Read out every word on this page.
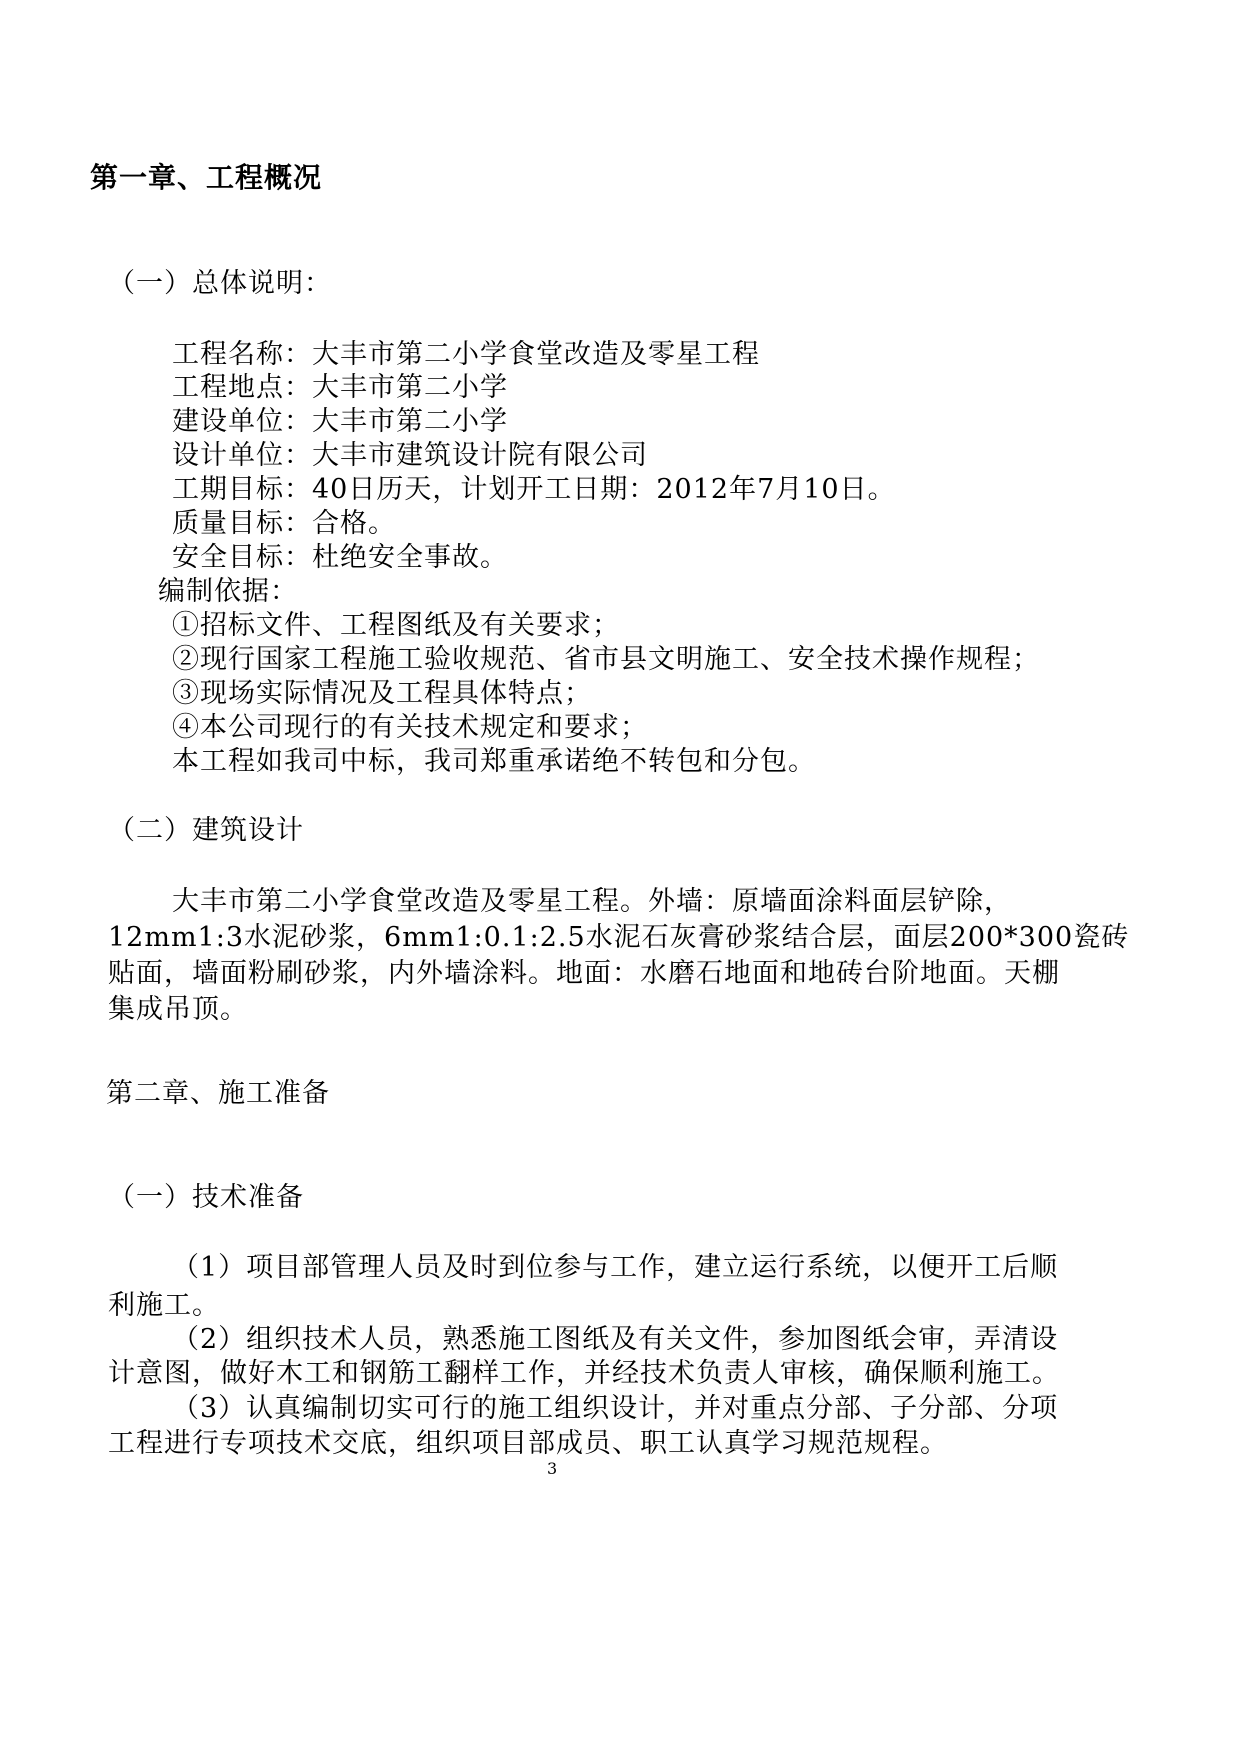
第一章、工程概况
（一）总体说明：
工程名称：大丰市第二小学食堂改造及零星工程
工程地点：大丰市第二小学
建设单位：大丰市第二小学
设计单位：大丰市建筑设计院有限公司
工期目标：40日历天，计划开工日期：2012年7月10日。
质量目标：合格。
安全目标：杜绝安全事故。
编制依据：
①招标文件、工程图纸及有关要求；
②现行国家工程施工验收规范、省市县文明施工、安全技术操作规程；
③现场实际情况及工程具体特点；
④本公司现行的有关技术规定和要求；
本工程如我司中标，我司郑重承诺绝不转包和分包。
（二）建筑设计
大丰市第二小学食堂改造及零星工程。外墙：原墙面涂料面层铲除，
12mm1:3水泥砂浆，6mm1:0.1:2.5水泥石灰膏砂浆结合层，面层200*300瓷砖
贴面，墙面粉刷砂浆，内外墙涂料。地面：水磨石地面和地砖台阶地面。天棚
集成吊顶。
第二章、施工准备
（一）技术准备
（1）项目部管理人员及时到位参与工作，建立运行系统，以便开工后顺
利施工。
（2）组织技术人员，熟悉施工图纸及有关文件，参加图纸会审，弄清设
计意图，做好木工和钢筋工翻样工作，并经技术负责人审核，确保顺利施工。
（3）认真编制切实可行的施工组织设计，并对重点分部、子分部、分项
工程进行专项技术交底，组织项目部成员、职工认真学习规范规程。
3
